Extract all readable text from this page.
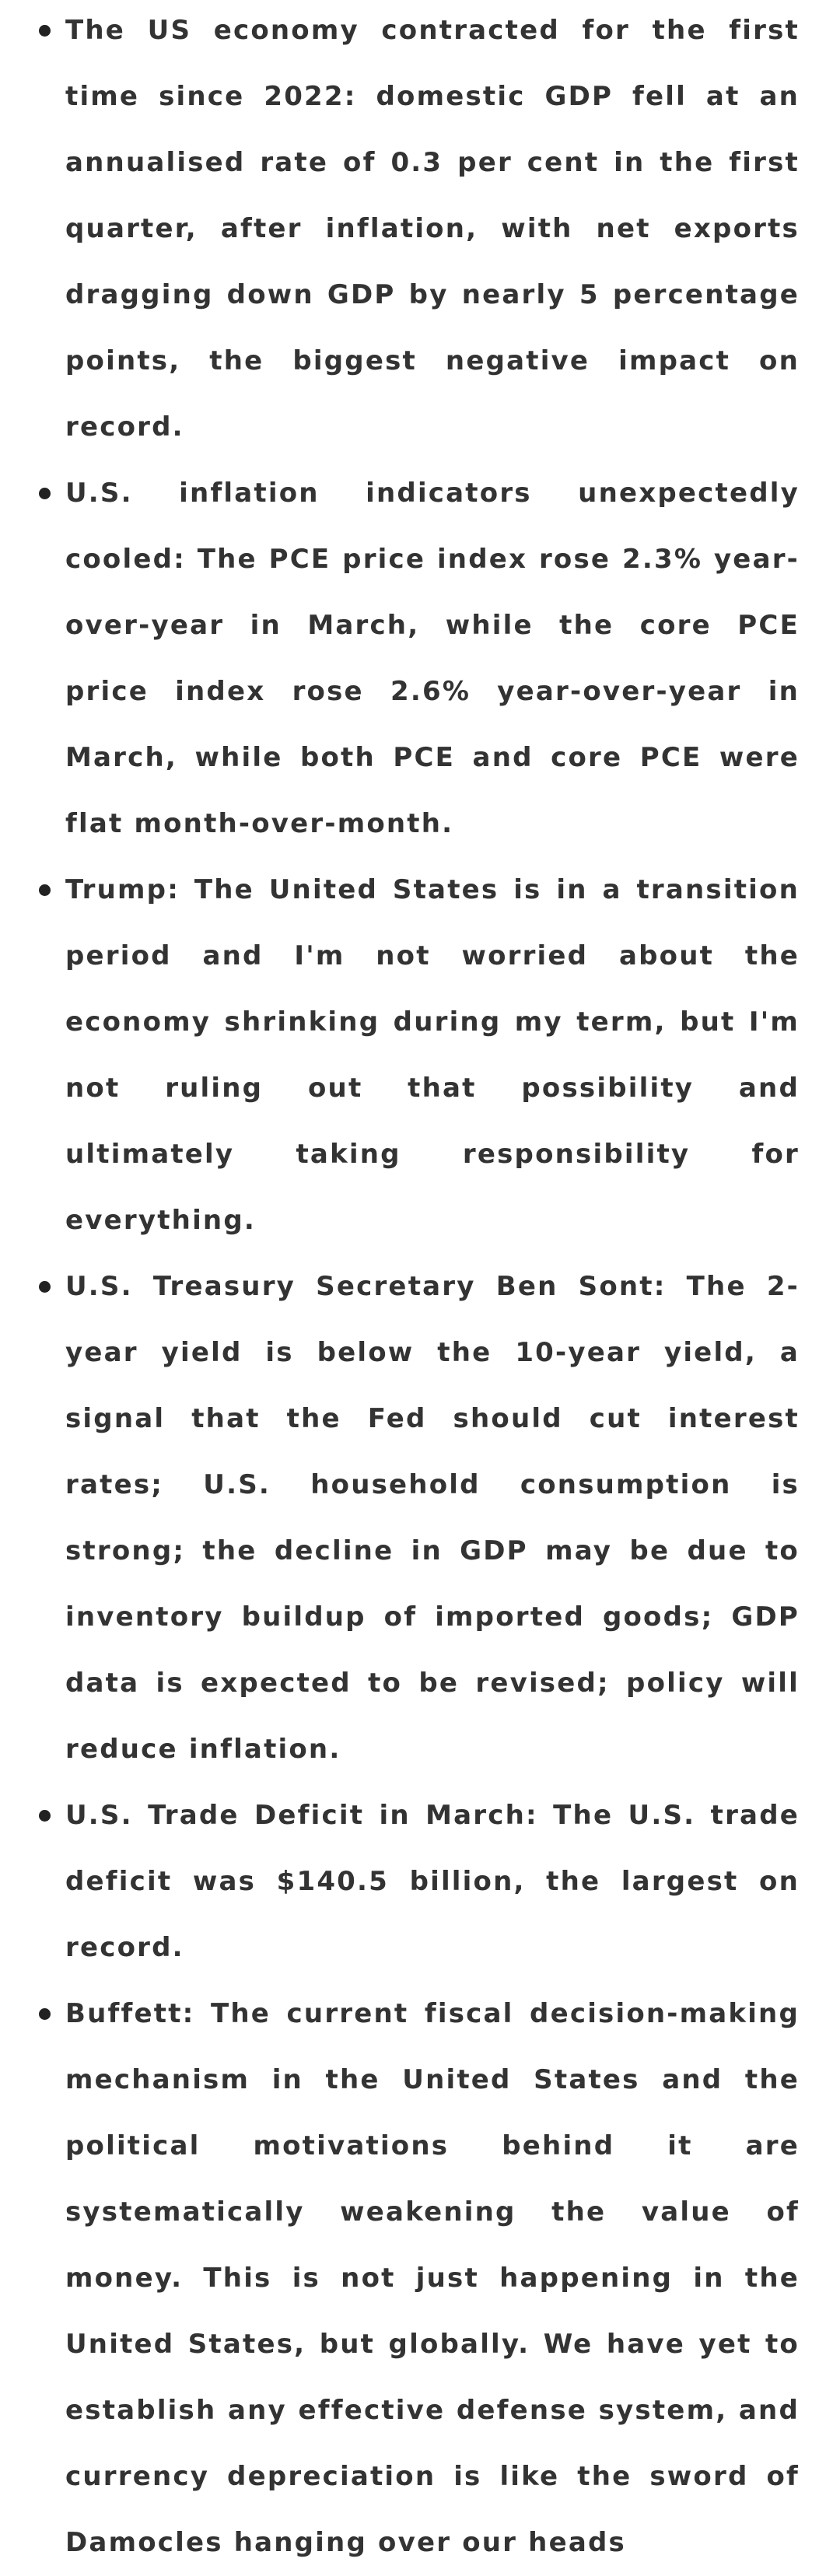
The US economy contracted for the first time since 2022: domestic GDP fell at an annualised rate of 0.3 per cent in the first quarter, after inflation, with net exports dragging down GDP by nearly 5 percentage points, the biggest negative impact on record.
U.S. inflation indicators unexpectedly cooled: The PCE price index rose 2.3% year-over-year in March, while the core PCE price index rose 2.6% year-over-year in March, while both PCE and core PCE were flat month-over-month.
Trump: The United States is in a transition period and I'm not worried about the economy shrinking during my term, but I'm not ruling out that possibility and ultimately taking responsibility for everything.
U.S. Treasury Secretary Ben Sont: The 2-year yield is below the 10-year yield, a signal that the Fed should cut interest rates; U.S. household consumption is strong; the decline in GDP may be due to inventory buildup of imported goods; GDP data is expected to be revised; policy will reduce inflation.
U.S. Trade Deficit in March: The U.S. trade deficit was $140.5 billion, the largest on record.
Buffett: The current fiscal decision-making mechanism in the United States and the political motivations behind it are systematically weakening the value of money. This is not just happening in the United States, but globally. We have yet to establish any effective defense system, and currency depreciation is like the sword of Damocles hanging over our heads
